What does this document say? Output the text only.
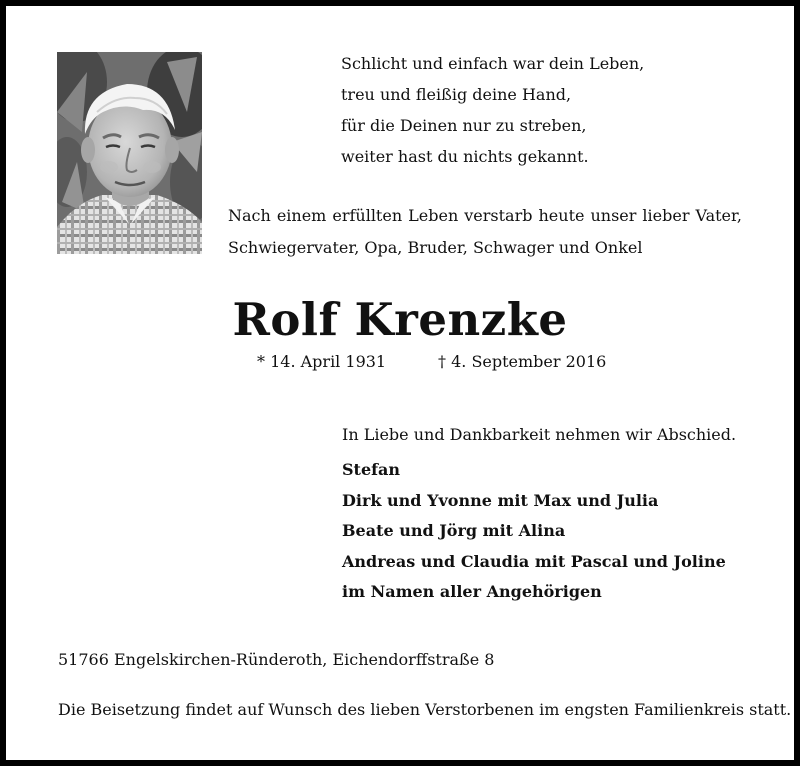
Schlicht und einfach war dein Leben,
treu und fleißig deine Hand,
für die Deinen nur zu streben,
weiter hast du nichts gekannt.
Nach einem erfüllten Leben verstarb heute unser lieber Vater,
Schwiegervater, Opa, Bruder, Schwager und Onkel
Rolf Krenzke
* 14. April 1931	† 4. September 2016
In Liebe und Dankbarkeit nehmen wir Abschied.
Stefan
Dirk und Yvonne mit Max und Julia
Beate und Jörg mit Alina
Andreas und Claudia mit Pascal und Joline
im Namen aller Angehörigen
51766 Engelskirchen-Ründeroth, Eichendorffstraße 8
Die Beisetzung findet auf Wunsch des lieben Verstorbenen im engsten Familienkreis statt.
